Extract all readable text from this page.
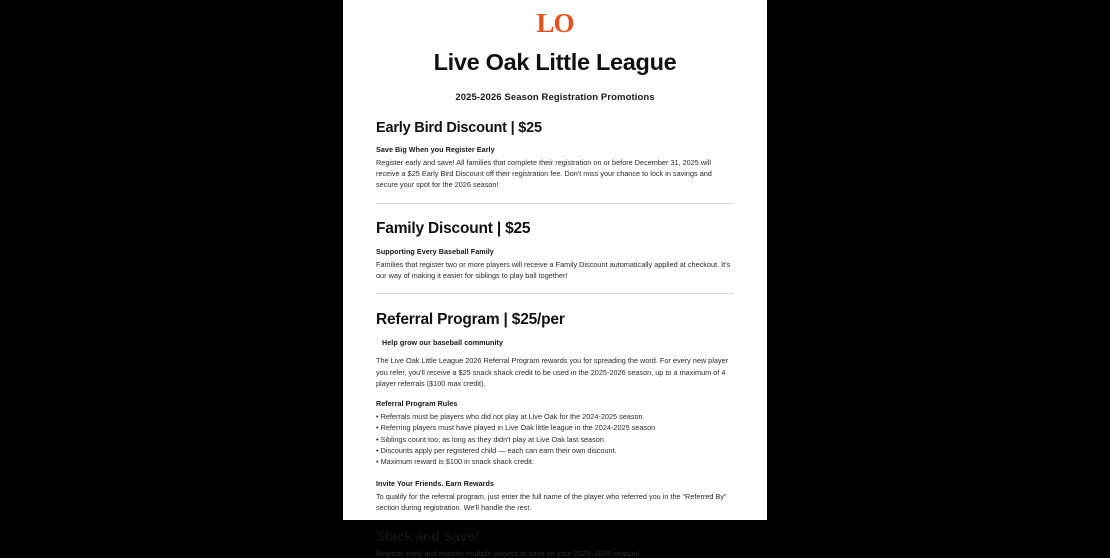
LO
Live Oak Little League
2025-2026 Season Registration Promotions
Early Bird Discount | $25
Save Big When you Register Early
Register early and save! All families that complete their registration on or before December 31, 2025 will receive a $25 Early Bird Discount off their registration fee. Don't miss your chance to lock in savings and secure your spot for the 2026 season!
Family Discount | $25
Supporting Every Baseball Family
Families that register two or more players will receive a Family Discount automatically applied at checkout. It's our way of making it easier for siblings to play ball together!
Referral Program | $25/per
Help grow our baseball community
The Live Oak Little League 2026 Referral Program rewards you for spreading the word. For every new player you refer, you'll receive a $25 snack shack credit to be used in the 2025-2026 season, up to a maximum of 4 player referrals ($100 max credit).
Referral Program Rules
• Referrals must be players who did not play at Live Oak for the 2024-2025 season.
• Referring players must have played in Live Oak little league in the 2024-2025 season
• Siblings count too, as long as they didn't play at Live Oak last season.
• Discounts apply per registered child — each can earn their own discount.
• Maximum reward is $100 in snack shack credit.
Invite Your Friends. Earn Rewards
To qualify for the referral program, just enter the full name of the player who referred you in the “Referred By” section during registration. We'll handle the rest.
Stack and Save!
Register early and register multiple players to save on your 2025–2026 season!
